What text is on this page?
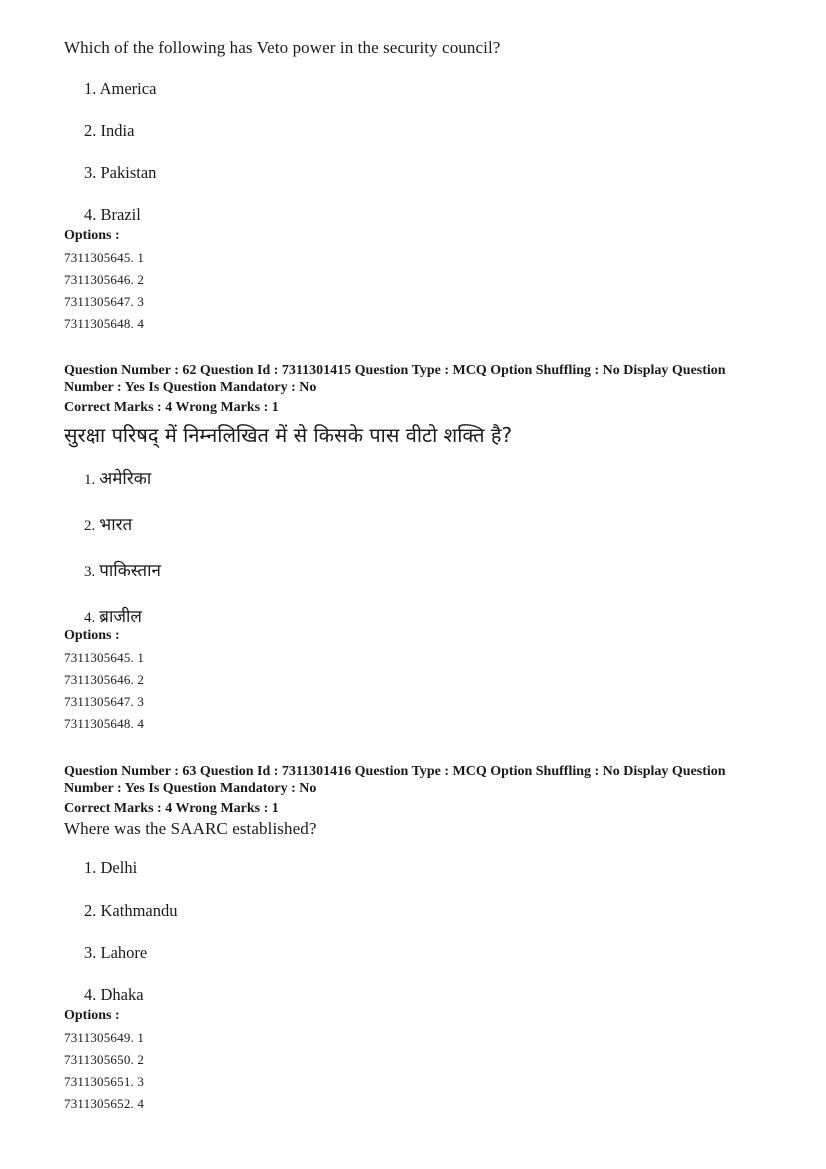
Which of the following has Veto power in the security council?
1. America
2. India
3. Pakistan
4. Brazil
Options :
7311305645. 1
7311305646. 2
7311305647. 3
7311305648. 4
Question Number : 62 Question Id : 7311301415 Question Type : MCQ Option Shuffling : No Display Question
Number : Yes Is Question Mandatory : No
Correct Marks : 4 Wrong Marks : 1
सुरक्षा परिषद् में निम्नलिखित में से किसके पास वीटो शक्ति है?
1. अमेरिका
2. भारत
3. पाकिस्तान
4. ब्राजील
Options :
7311305645. 1
7311305646. 2
7311305647. 3
7311305648. 4
Question Number : 63 Question Id : 7311301416 Question Type : MCQ Option Shuffling : No Display Question
Number : Yes Is Question Mandatory : No
Correct Marks : 4 Wrong Marks : 1
Where was the SAARC established?
1. Delhi
2. Kathmandu
3. Lahore
4. Dhaka
Options :
7311305649. 1
7311305650. 2
7311305651. 3
7311305652. 4
